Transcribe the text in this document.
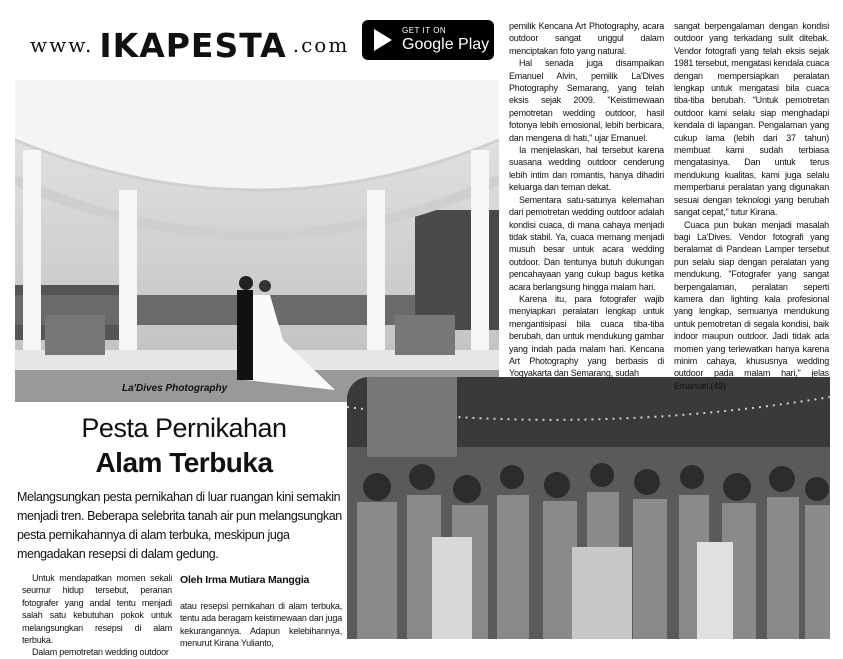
www. IKAPESTA .com
GET IT ON
Google Play
La'Dives Photography
Pesta Pernikahan
Alam Terbuka
Melangsungkan pesta pernikahan di luar ruangan kini semakin menjadi tren. Beberapa selebrita tanah air pun melangsungkan pesta pernikahannya di alam terbuka, meskipun juga mengadakan resepsi di dalam gedung.

Untuk mendapatkan momen sekali seumur hidup tersebut, peranan fotografer yang andal tentu menjadi salah satu kebutuhan pokok untuk melangsungkan resepsi di alam terbuka.

Dalam pemotretan wedding outdoor

Oleh Irma Mutiara Manggia

atau resepsi pernikahan di alam terbuka, tentu ada beragam keistimewaan dan juga kekurangannya. Adapun kelebihannya, menurut Kirana Yulianto,

pemilik Kencana Art Photography, acara outdoor sangat unggul dalam menciptakan foto yang natural.

Hal senada juga disampaikan Emanuel Alvin, pemilik La'Dives Photography Semarang, yang telah eksis sejak 2009. "Keistimewaan pemotretan wedding outdoor, hasil fotonya lebih emosional, lebih berbicara, dan mengena di hati," ujar Emanuel.

Ia menjelaskan, hal tersebut karena suasana wedding outdoor cenderung lebih intim dan romantis, hanya dihadiri keluarga dan teman dekat.

Sementara satu-satunya kelemahan dari pemotretan wedding outdoor adalah kondisi cuaca, di mana cahaya menjadi tidak stabil. Ya, cuaca memang menjadi musuh besar untuk acara wedding outdoor. Dan tentunya butuh dukungan pencahayaan yang cukup bagus ketika acara berlangsung hingga malam hari.

Karena itu, para fotografer wajib menyiapkan peralatan lengkap untuk mengantisipasi bila cuaca tiba-tiba berubah, dan untuk mendukung gambar yang indah pada malam hari. Kencana Art Photography yang berbasis di Yogyakarta dan Semarang, sudah

sangat berpengalaman dengan kondisi outdoor yang terkadang sulit ditebak. Vendor fotografi yang telah eksis sejak 1981 tersebut, mengatasi kendala cuaca dengan mempersiapkan peralatan lengkap untuk mengatasi bila cuaca tiba-tiba berubah. "Untuk pemotretan outdoor kami selalu siap menghadapi kendala di lapangan. Pengalaman yang cukup lama (lebih dari 37 tahun) membuat kami sudah terbiasa mengatasinya. Dan untuk terus mendukung kualitas, kami juga selalu memperbarui peralatan yang digunakan sesuai dengan teknologi yang berubah sangat cepat," tutur Kirana.

Cuaca pun bukan menjadi masalah bagi La'Dives. Vendor fotografi yang beralamat di Pandean Lamper tersebut pun selalu siap dengan peralatan yang mendukung. "Fotografer yang sangat berpengalaman, peralatan seperti kamera dan lighting kala profesional yang lengkap, semuanya mendukung untuk pemotretan di segala kondisi, baik indoor maupun outdoor. Jadi tidak ada momen yang terlewatkan hanya karena minim cahaya, khususnya wedding outdoor pada malam hari," jelas Emanuel.(49)
